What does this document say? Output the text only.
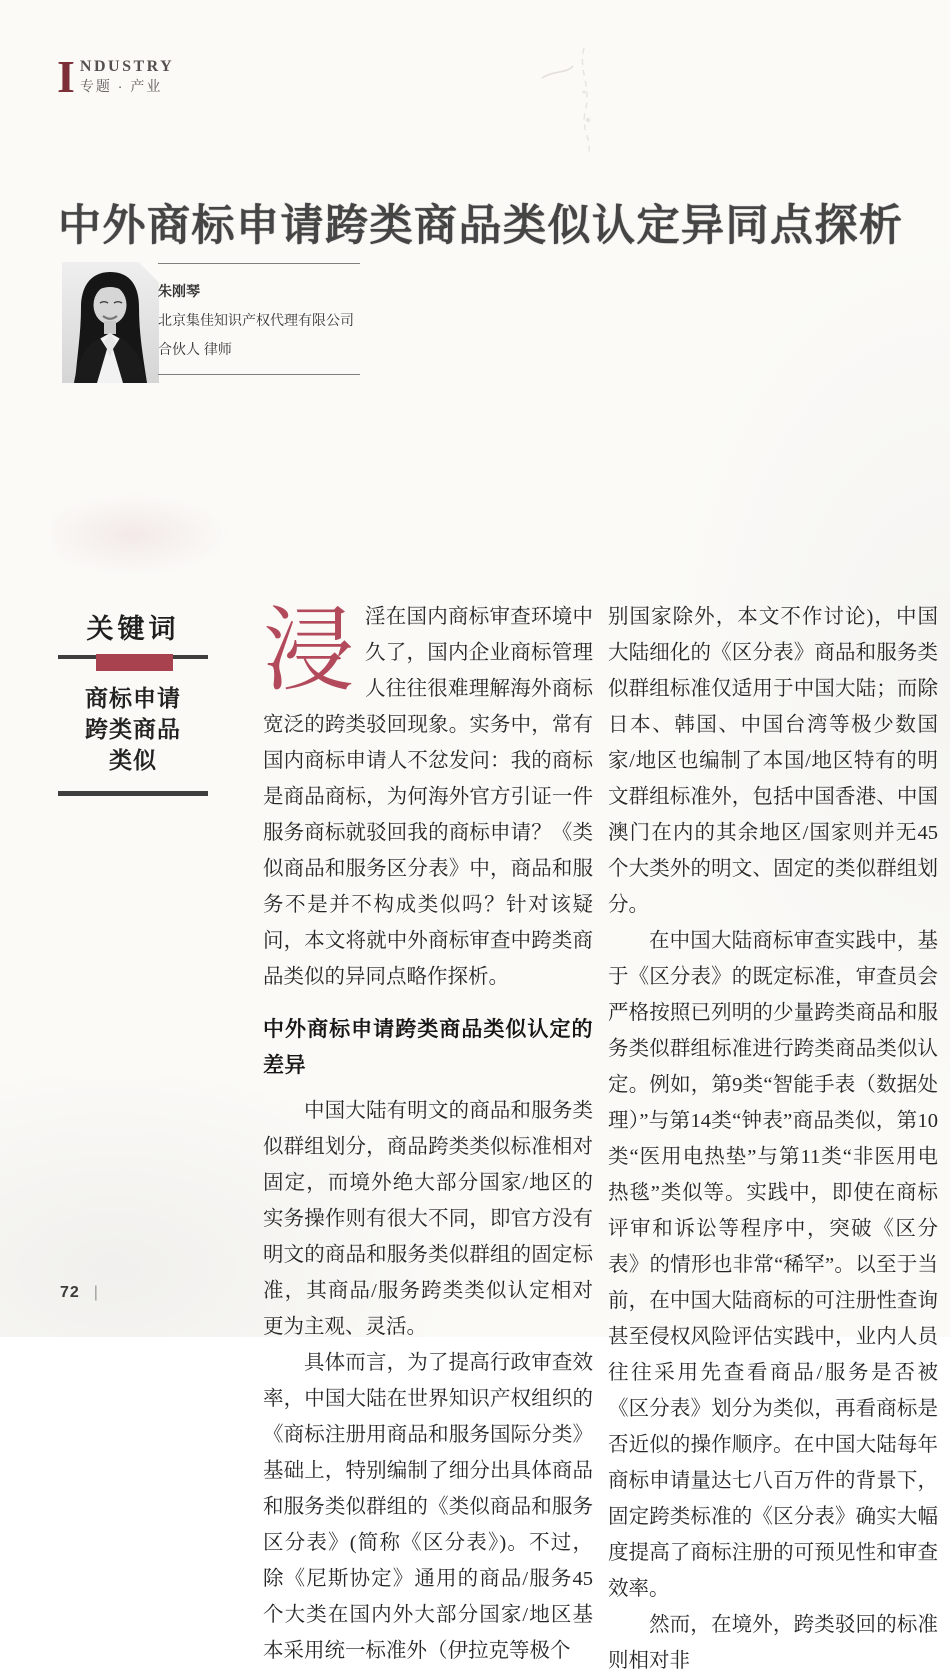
I NDUSTRY
专题 · 产业
中外商标申请跨类商品类似认定异同点探析
朱刚琴
北京集佳知识产权代理有限公司
合伙人 律师
关键词
商标申请
跨类商品
类似

浸淫在国内商标审查环境中久了，国内企业商标管理人往往很难理解海外商标宽泛的跨类驳回现象。实务中，常有国内商标申请人不忿发问：我的商标是商品商标，为何海外官方引证一件服务商标就驳回我的商标申请？《类似商品和服务区分表》中，商品和服务不是并不构成类似吗？针对该疑问，本文将就中外商标审查中跨类商品类似的异同点略作探析。

中外商标申请跨类商品类似认定的差异

中国大陆有明文的商品和服务类似群组划分，商品跨类类似标准相对固定，而境外绝大部分国家/地区的实务操作则有很大不同，即官方没有明文的商品和服务类似群组的固定标准，其商品/服务跨类类似认定相对更为主观、灵活。

具体而言，为了提高行政审查效率，中国大陆在世界知识产权组织的《商标注册用商品和服务国际分类》基础上，特别编制了细分出具体商品和服务类似群组的《类似商品和服务区分表》(简称《区分表》)。不过，除《尼斯协定》通用的商品/服务45个大类在国内外大部分国家/地区基本采用统一标准外（伊拉克等极个

别国家除外，本文不作讨论)，中国大陆细化的《区分表》商品和服务类似群组标准仅适用于中国大陆；而除日本、韩国、中国台湾等极少数国家/地区也编制了本国/地区特有的明文群组标准外，包括中国香港、中国澳门在内的其余地区/国家则并无45个大类外的明文、固定的类似群组划分。

在中国大陆商标审查实践中，基于《区分表》的既定标准，审查员会严格按照已列明的少量跨类商品和服务类似群组标准进行跨类商品类似认定。例如，第9类“智能手表（数据处理）”与第14类“钟表”商品类似，第10类“医用电热垫”与第11类“非医用电热毯”类似等。实践中，即使在商标评审和诉讼等程序中，突破《区分表》的情形也非常“稀罕”。以至于当前，在中国大陆商标的可注册性查询甚至侵权风险评估实践中，业内人员往往采用先查看商品/服务是否被《区分表》划分为类似，再看商标是否近似的操作顺序。在中国大陆每年商标申请量达七八百万件的背景下，固定跨类标准的《区分表》确实大幅度提高了商标注册的可预见性和审查效率。

然而，在境外，跨类驳回的标准则相对非

72 |
